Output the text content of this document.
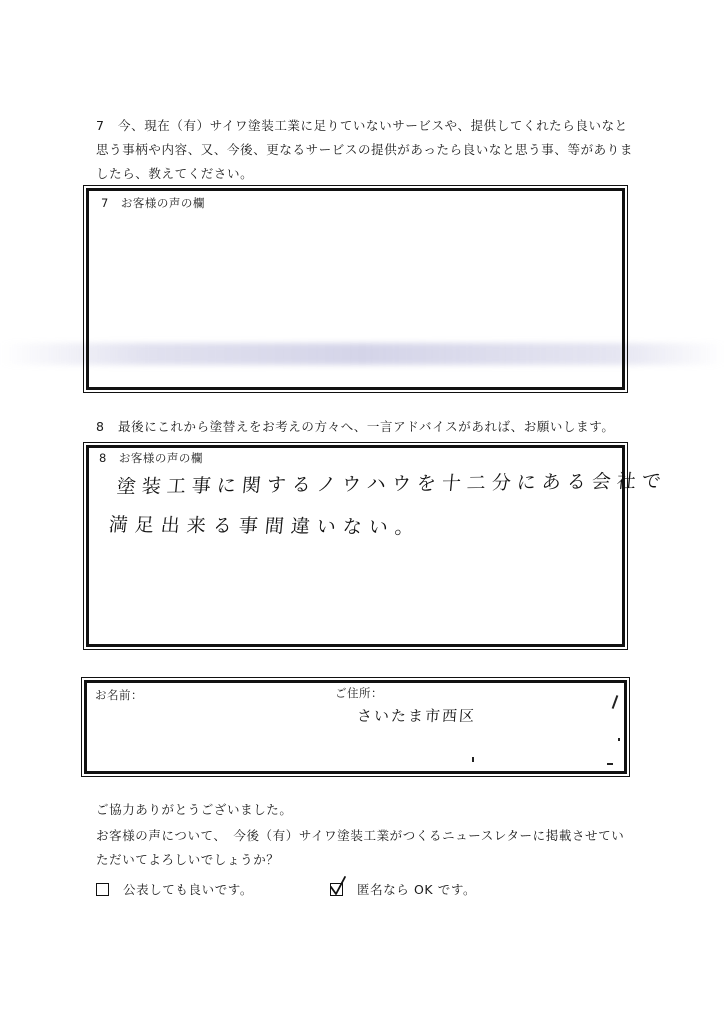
7 今、現在（有）サイワ塗装工業に足りていないサービスや、提供してくれたら良いなと思う事柄や内容、又、今後、更なるサービスの提供があったら良いなと思う事、等がありましたら、教えてください。

7　お客様の声の欄

8 最後にこれから塗替えをお考えの方々へ、一言アドバイスがあれば、お願いします。

8　お客様の声の欄
塗装工事に関するノウハウを十二分にある会社で
満足出来る事間違いない。
お名前：	ご住所：
さいたま市西区

ご協力ありがとうございました。

お客様の声について、　今後（有）サイワ塗装工業がつくるニュースレターに掲載させていただいてよろしいでしょうか？

公表しても良いです。	匿名なら OK です。
